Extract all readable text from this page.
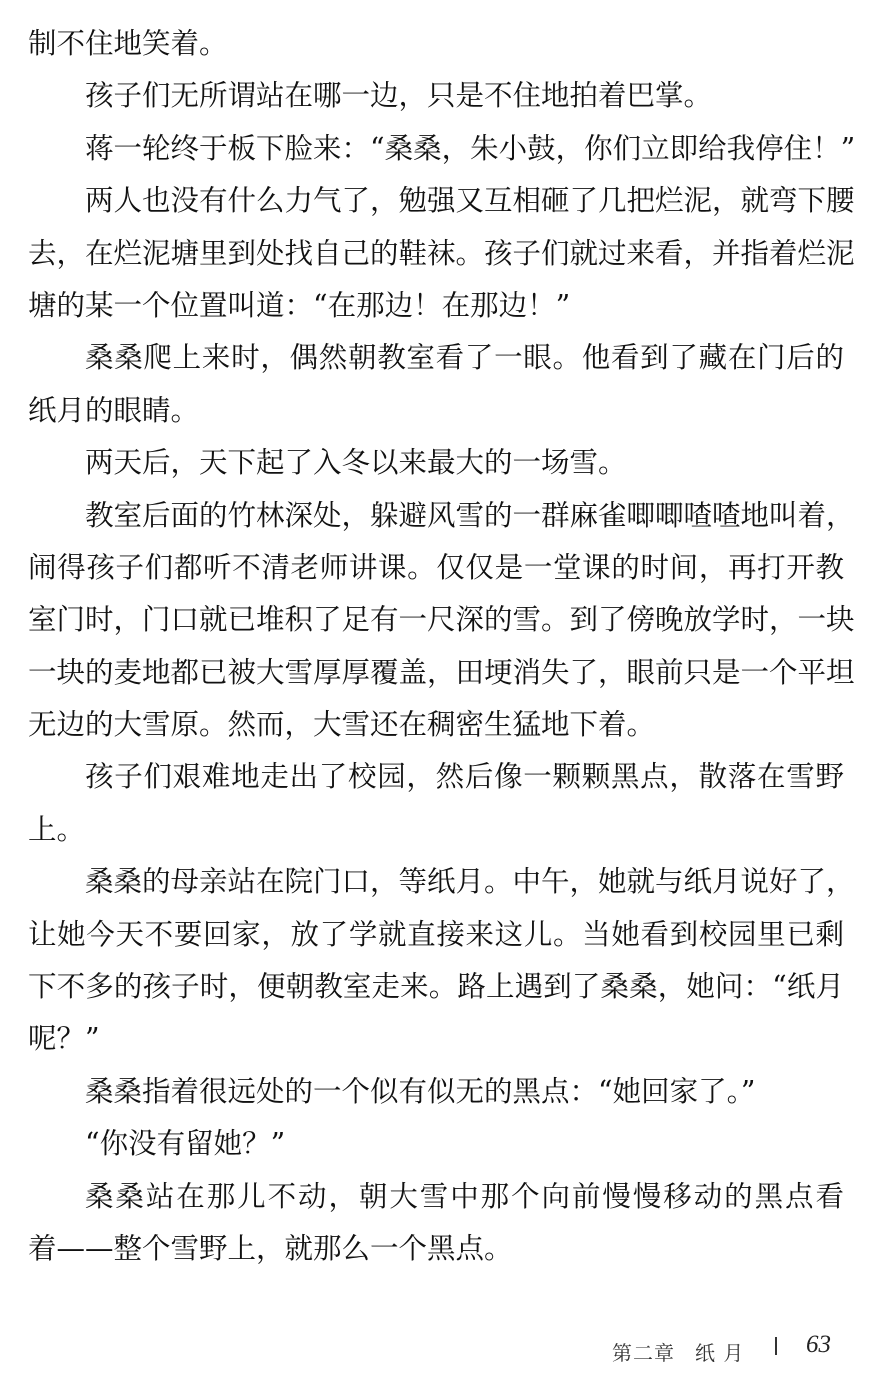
制不住地笑着。
孩子们无所谓站在哪一边，只是不住地拍着巴掌。
蒋一轮终于板下脸来：“桑桑，朱小鼓，你们立即给我停住！”
两人也没有什么力气了，勉强又互相砸了几把烂泥，就弯下腰
去，在烂泥塘里到处找自己的鞋袜。孩子们就过来看，并指着烂泥
塘的某一个位置叫道：“在那边！在那边！”
桑桑爬上来时，偶然朝教室看了一眼。他看到了藏在门后的
纸月的眼睛。
两天后，天下起了入冬以来最大的一场雪。
教室后面的竹林深处，躲避风雪的一群麻雀唧唧喳喳地叫着，
闹得孩子们都听不清老师讲课。仅仅是一堂课的时间，再打开教
室门时，门口就已堆积了足有一尺深的雪。到了傍晚放学时，一块
一块的麦地都已被大雪厚厚覆盖，田埂消失了，眼前只是一个平坦
无边的大雪原。然而，大雪还在稠密生猛地下着。
孩子们艰难地走出了校园，然后像一颗颗黑点，散落在雪野
上。
桑桑的母亲站在院门口，等纸月。中午，她就与纸月说好了，
让她今天不要回家，放了学就直接来这儿。当她看到校园里已剩
下不多的孩子时，便朝教室走来。路上遇到了桑桑，她问：“纸月
呢？”
桑桑指着很远处的一个似有似无的黑点：“她回家了。”
“你没有留她？”
桑桑站在那儿不动，朝大雪中那个向前慢慢移动的黑点看
着——整个雪野上，就那么一个黑点。
第二章 纸 月 63
